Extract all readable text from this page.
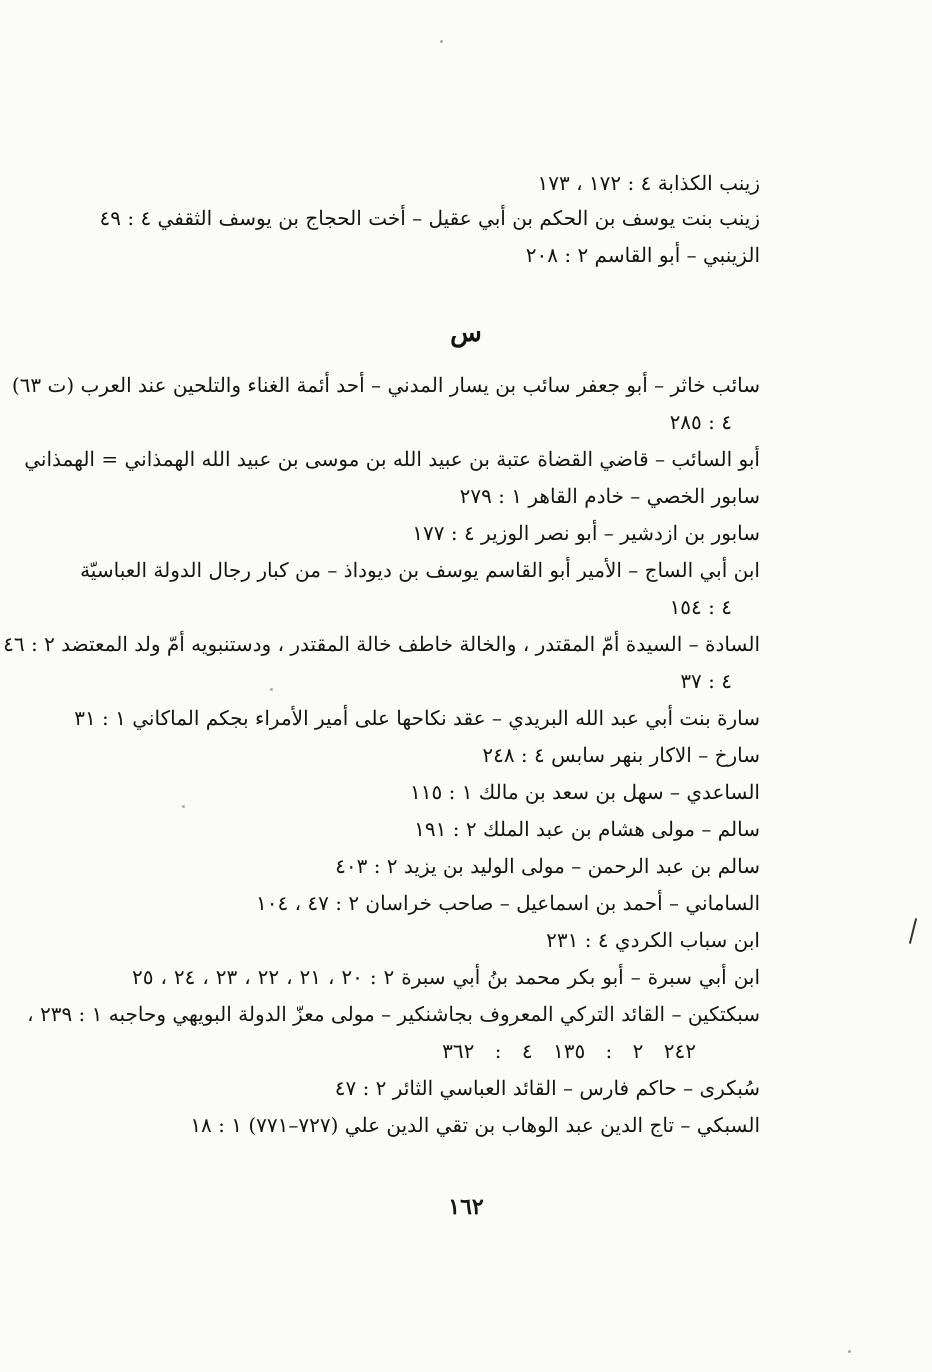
زينب الكذابة ٤ : ١٧٢ ، ١٧٣
زينب بنت يوسف بن الحكم بن أبي عقيل – أخت الحجاج بن يوسف الثقفي ٤ : ٤٩
الزينبي – أبو القاسم ٢ : ٢٠٨
س
سائب خاثر – أبو جعفر سائب بن يسار المدني – أحد أئمة الغناء والتلحين عند العرب (ت ٦٣)
٤ : ٢٨٥
أبو السائب – قاضي القضاة عتبة بن عبيد الله بن موسى بن عبيد الله الهمذاني = الهمذاني
سابور الخصي – خادم القاهر ١ : ٢٧٩
سابور بن ازدشير – أبو نصر الوزير ٤ : ١٧٧
ابن أبي الساج – الأمير أبو القاسم يوسف بن ديوداذ – من كبار رجال الدولة العباسيّة
٤ : ١٥٤
السادة – السيدة أمّ المقتدر ، والخالة خاطف خالة المقتدر ، ودستنبويه أمّ ولد المعتضد ٢ : ٤٦
٤ : ٣٧
سارة بنت أبي عبد الله البريدي – عقد نكاحها على أمير الأمراء بجكم الماكاني ١ : ٣١
سارخ – الاكار بنهر سابس ٤ : ٢٤٨
الساعدي – سهل بن سعد بن مالك ١ : ١١٥
سالم – مولى هشام بن عبد الملك ٢ : ١٩١
سالم بن عبد الرحمن – مولى الوليد بن يزيد ٢ : ٤٠٣
الساماني – أحمد بن اسماعيل – صاحب خراسان ٢ : ٤٧ ، ١٠٤
ابن سباب الكردي ٤ : ٢٣١
ابن أبي سبرة – أبو بكر محمد بنُ أبي سبرة ٢ : ٢٠ ، ٢١ ، ٢٢ ، ٢٣ ، ٢٤ ، ٢٥
سبكتكين – القائد التركي المعروف بجاشنكير – مولى معزّ الدولة البويهي وحاجبه ١ : ٢٣٩ ،
٢٤٢ ٢ : ١٣٥ ٤ : ٣٦٢
سُبكرى – حاكم فارس – القائد العباسي الثائر ٢ : ٤٧
السبكي – تاج الدين عبد الوهاب بن تقي الدين علي (٧٢٧–٧٧١) ١ : ١٨
١٦٢
